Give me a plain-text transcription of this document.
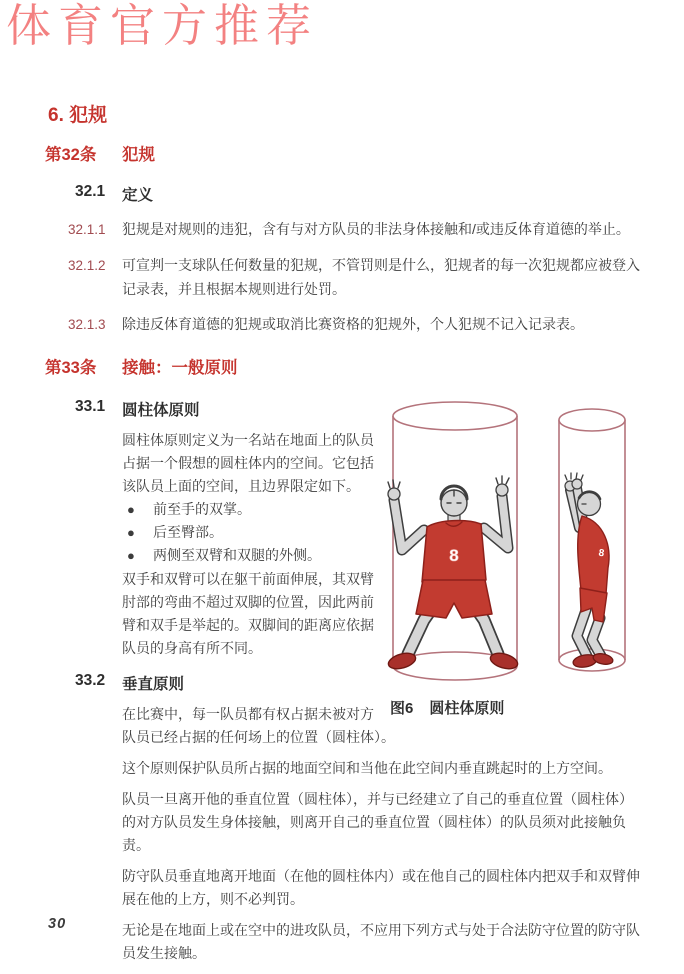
体育官方推荐
6. 犯规
第32条	犯规
32.1	定义
32.1.1	犯规是对规则的违犯，含有与对方队员的非法身体接触和/或违反体育道德的举止。
32.1.2	可宣判一支球队任何数量的犯规，不管罚则是什么，犯规者的每一次犯规都应被登入记录表，并且根据本规则进行处罚。
32.1.3	除违反体育道德的犯规或取消比赛资格的犯规外，个人犯规不记入记录表。
第33条	接触：一般原则
8	8
图6 圆柱体原则
33.1	圆柱体原则

圆柱体原则定义为一名站在地面上的队员占据一个假想的圆柱体内的空间。它包括该队员上面的空间，且边界限定如下。

●	前至手的双掌。
●	后至臀部。
●	两侧至双臂和双腿的外侧。

双手和双臂可以在躯干前面伸展，其双臂肘部的弯曲不超过双脚的位置，因此两前臂和双手是举起的。双脚间的距离应依据队员的身高有所不同。

33.2	垂直原则

在比赛中，每一队员都有权占据未被对方队员已经占据的任何场上的位置（圆柱体）。

这个原则保护队员所占据的地面空间和当他在此空间内垂直跳起时的上方空间。

队员一旦离开他的垂直位置（圆柱体），并与已经建立了自己的垂直位置（圆柱体）的对方队员发生身体接触，则离开自己的垂直位置（圆柱体）的队员须对此接触负责。

防守队员垂直地离开地面（在他的圆柱体内）或在他自己的圆柱体内把双手和双臂伸展在他的上方，则不必判罚。

无论是在地面上或在空中的进攻队员，不应用下列方式与处于合法防守位置的防守队员发生接触。

30
